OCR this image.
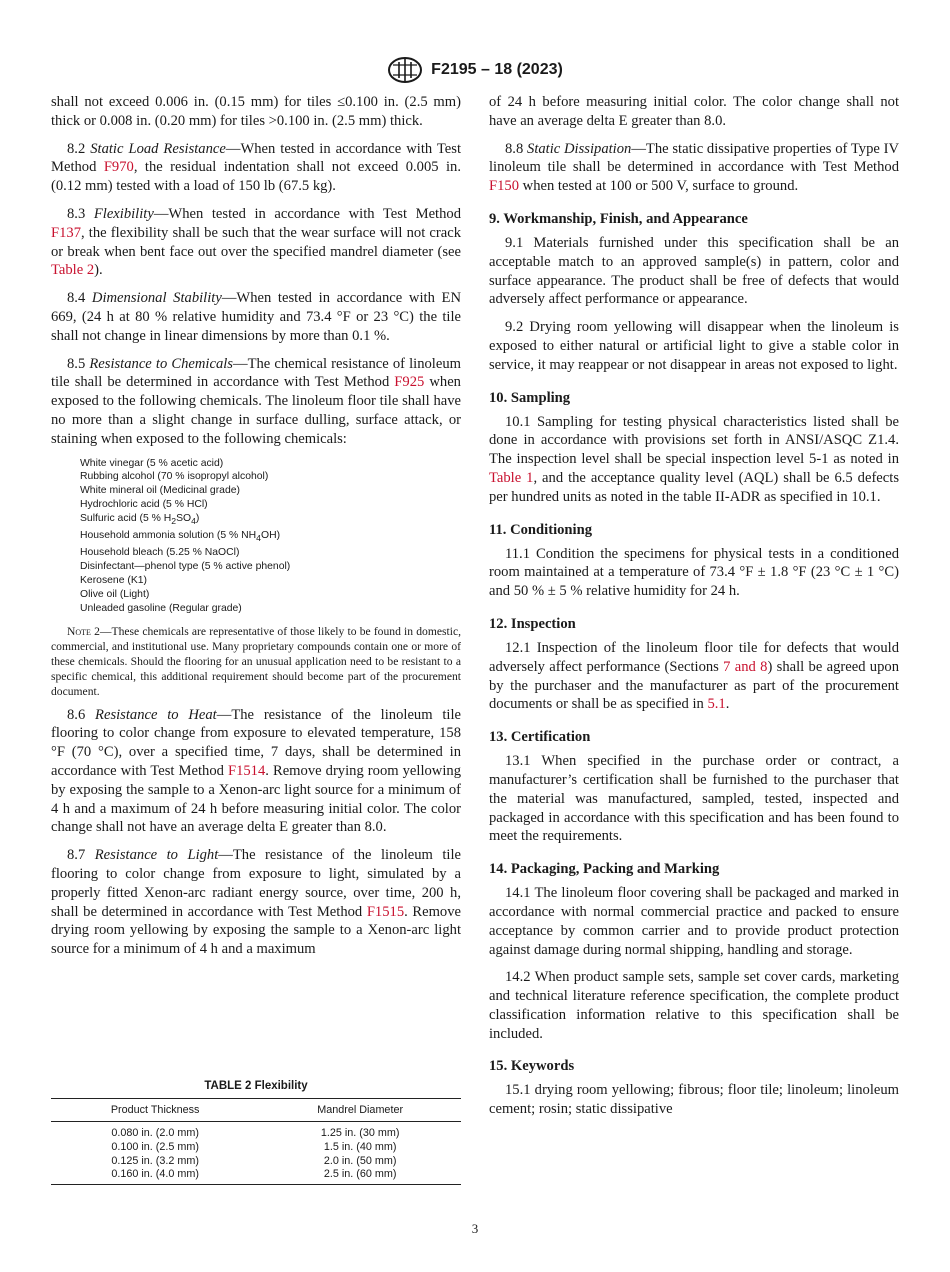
F2195 – 18 (2023)

shall not exceed 0.006 in. (0.15 mm) for tiles ≤0.100 in. (2.5 mm) thick or 0.008 in. (0.20 mm) for tiles >0.100 in. (2.5 mm) thick.

8.2 Static Load Resistance—When tested in accordance with Test Method F970, the residual indentation shall not exceed 0.005 in. (0.12 mm) tested with a load of 150 lb (67.5 kg).

8.3 Flexibility—When tested in accordance with Test Method F137, the flexibility shall be such that the wear surface will not crack or break when bent face out over the specified mandrel diameter (see Table 2).

8.4 Dimensional Stability—When tested in accordance with EN 669, (24 h at 80 % relative humidity and 73.4 °F or 23 °C) the tile shall not change in linear dimensions by more than 0.1 %.

8.5 Resistance to Chemicals—The chemical resistance of linoleum tile shall be determined in accordance with Test Method F925 when exposed to the following chemicals. The linoleum floor tile shall have no more than a slight change in surface dulling, surface attack, or staining when exposed to the following chemicals:

White vinegar (5 % acetic acid)
Rubbing alcohol (70 % isopropyl alcohol)
White mineral oil (Medicinal grade)
Hydrochloric acid (5 % HCl)
Sulfuric acid (5 % $H_2SO_4$)
Household ammonia solution (5 % $NH_4OH$)
Household bleach (5.25 % NaOCl)
Disinfectant—phenol type (5 % active phenol)
Kerosene (K1)
Olive oil (Light)
Unleaded gasoline (Regular grade)

Note 2—These chemicals are representative of those likely to be found in domestic, commercial, and institutional use. Many proprietary compounds contain one or more of these chemicals. Should the flooring for an unusual application need to be resistant to a specific chemical, this additional requirement should become part of the procurement document.

8.6 Resistance to Heat—The resistance of the linoleum tile flooring to color change from exposure to elevated temperature, 158 °F (70 °C), over a specified time, 7 days, shall be determined in accordance with Test Method F1514. Remove drying room yellowing by exposing the sample to a Xenon-arc light source for a minimum of 4 h and a maximum of 24 h before measuring initial color. The color change shall not have an average delta E greater than 8.0.

8.7 Resistance to Light—The resistance of the linoleum tile flooring to color change from exposure to light, simulated by a properly fitted Xenon-arc radiant energy source, over time, 200 h, shall be determined in accordance with Test Method F1515. Remove drying room yellowing by exposing the sample to a Xenon-arc light source for a minimum of 4 h and a maximum

TABLE 2 Flexibility
Product Thickness	Mandrel Diameter
0.080 in. (2.0 mm)	1.25 in. (30 mm)
0.100 in. (2.5 mm)	1.5 in. (40 mm)
0.125 in. (3.2 mm)	2.0 in. (50 mm)
0.160 in. (4.0 mm)	2.5 in. (60 mm)

of 24 h before measuring initial color. The color change shall not have an average delta E greater than 8.0.

8.8 Static Dissipation—The static dissipative properties of Type IV linoleum tile shall be determined in accordance with Test Method F150 when tested at 100 or 500 V, surface to ground.

9. Workmanship, Finish, and Appearance

9.1 Materials furnished under this specification shall be an acceptable match to an approved sample(s) in pattern, color and surface appearance. The product shall be free of defects that would adversely affect performance or appearance.

9.2 Drying room yellowing will disappear when the linoleum is exposed to either natural or artificial light to give a stable color in service, it may reappear or not disappear in areas not exposed to light.

10. Sampling

10.1 Sampling for testing physical characteristics listed shall be done in accordance with provisions set forth in ANSI/ASQC Z1.4. The inspection level shall be special inspection level 5-1 as noted in Table 1, and the acceptance quality level (AQL) shall be 6.5 defects per hundred units as noted in the table II-ADR as specified in 10.1.

11. Conditioning

11.1 Condition the specimens for physical tests in a conditioned room maintained at a temperature of 73.4 °F ± 1.8 °F (23 °C ± 1 °C) and 50 % ± 5 % relative humidity for 24 h.

12. Inspection

12.1 Inspection of the linoleum floor tile for defects that would adversely affect performance (Sections 7 and 8) shall be agreed upon by the purchaser and the manufacturer as part of the procurement documents or shall be as specified in 5.1.

13. Certification

13.1 When specified in the purchase order or contract, a manufacturer’s certification shall be furnished to the purchaser that the material was manufactured, sampled, tested, inspected and packaged in accordance with this specification and has been found to meet the requirements.

14. Packaging, Packing and Marking

14.1 The linoleum floor covering shall be packaged and marked in accordance with normal commercial practice and packed to ensure acceptance by common carrier and to provide product protection against damage during normal shipping, handling and storage.

14.2 When product sample sets, sample set cover cards, marketing and technical literature reference specification, the complete product classification information relative to this specification shall be included.

15. Keywords

15.1 drying room yellowing; fibrous; floor tile; linoleum; linoleum cement; rosin; static dissipative

3
